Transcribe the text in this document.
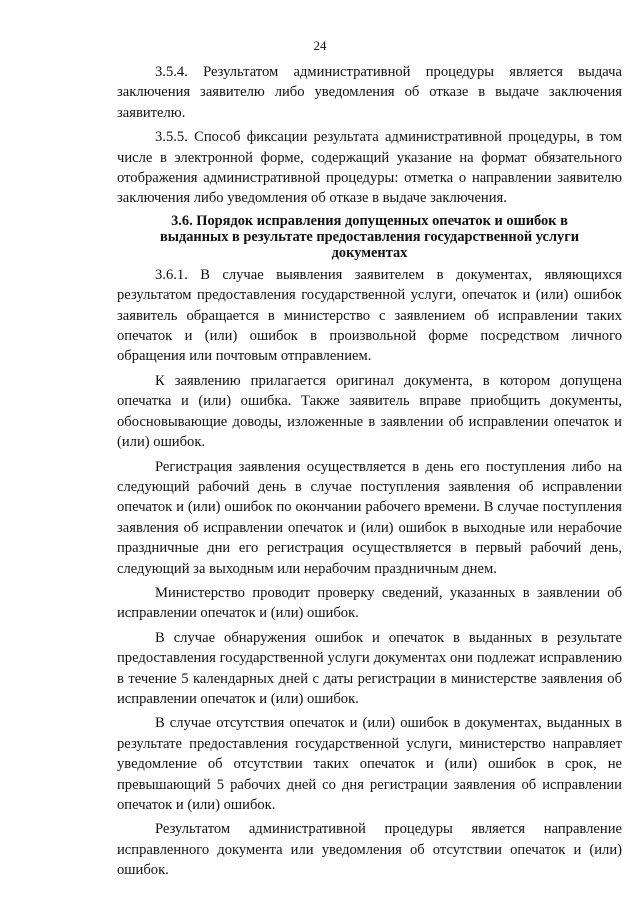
24

3.5.4. Результатом административной процедуры является выдача заключения заявителю либо уведомления об отказе в выдаче заключения заявителю.

3.5.5. Способ фиксации результата административной процедуры, в том числе в электронной форме, содержащий указание на формат обязательного отображения административной процедуры: отметка о направлении заявителю заключения либо уведомления об отказе в выдаче заключения.

3.6. Порядок исправления допущенных опечаток и ошибок в выданных в результате предоставления государственной услуги документах

3.6.1. В случае выявления заявителем в документах, являющихся результатом предоставления государственной услуги, опечаток и (или) ошибок заявитель обращается в министерство с заявлением об исправлении таких опечаток и (или) ошибок в произвольной форме посредством личного обращения или почтовым отправлением.

К заявлению прилагается оригинал документа, в котором допущена опечатка и (или) ошибка. Также заявитель вправе приобщить документы, обосновывающие доводы, изложенные в заявлении об исправлении опечаток и (или) ошибок.

Регистрация заявления осуществляется в день его поступления либо на следующий рабочий день в случае поступления заявления об исправлении опечаток и (или) ошибок по окончании рабочего времени. В случае поступления заявления об исправлении опечаток и (или) ошибок в выходные или нерабочие праздничные дни его регистрация осуществляется в первый рабочий день, следующий за выходным или нерабочим праздничным днем.

Министерство проводит проверку сведений, указанных в заявлении об исправлении опечаток и (или) ошибок.

В случае обнаружения ошибок и опечаток в выданных в результате предоставления государственной услуги документах они подлежат исправлению в течение 5 календарных дней с даты регистрации в министерстве заявления об исправлении опечаток и (или) ошибок.

В случае отсутствия опечаток и (или) ошибок в документах, выданных в результате предоставления государственной услуги, министерство направляет уведомление об отсутствии таких опечаток и (или) ошибок в срок, не превышающий 5 рабочих дней со дня регистрации заявления об исправлении опечаток и (или) ошибок.

Результатом административной процедуры является направление исправленного документа или уведомления об отсутствии опечаток и (или) ошибок.
